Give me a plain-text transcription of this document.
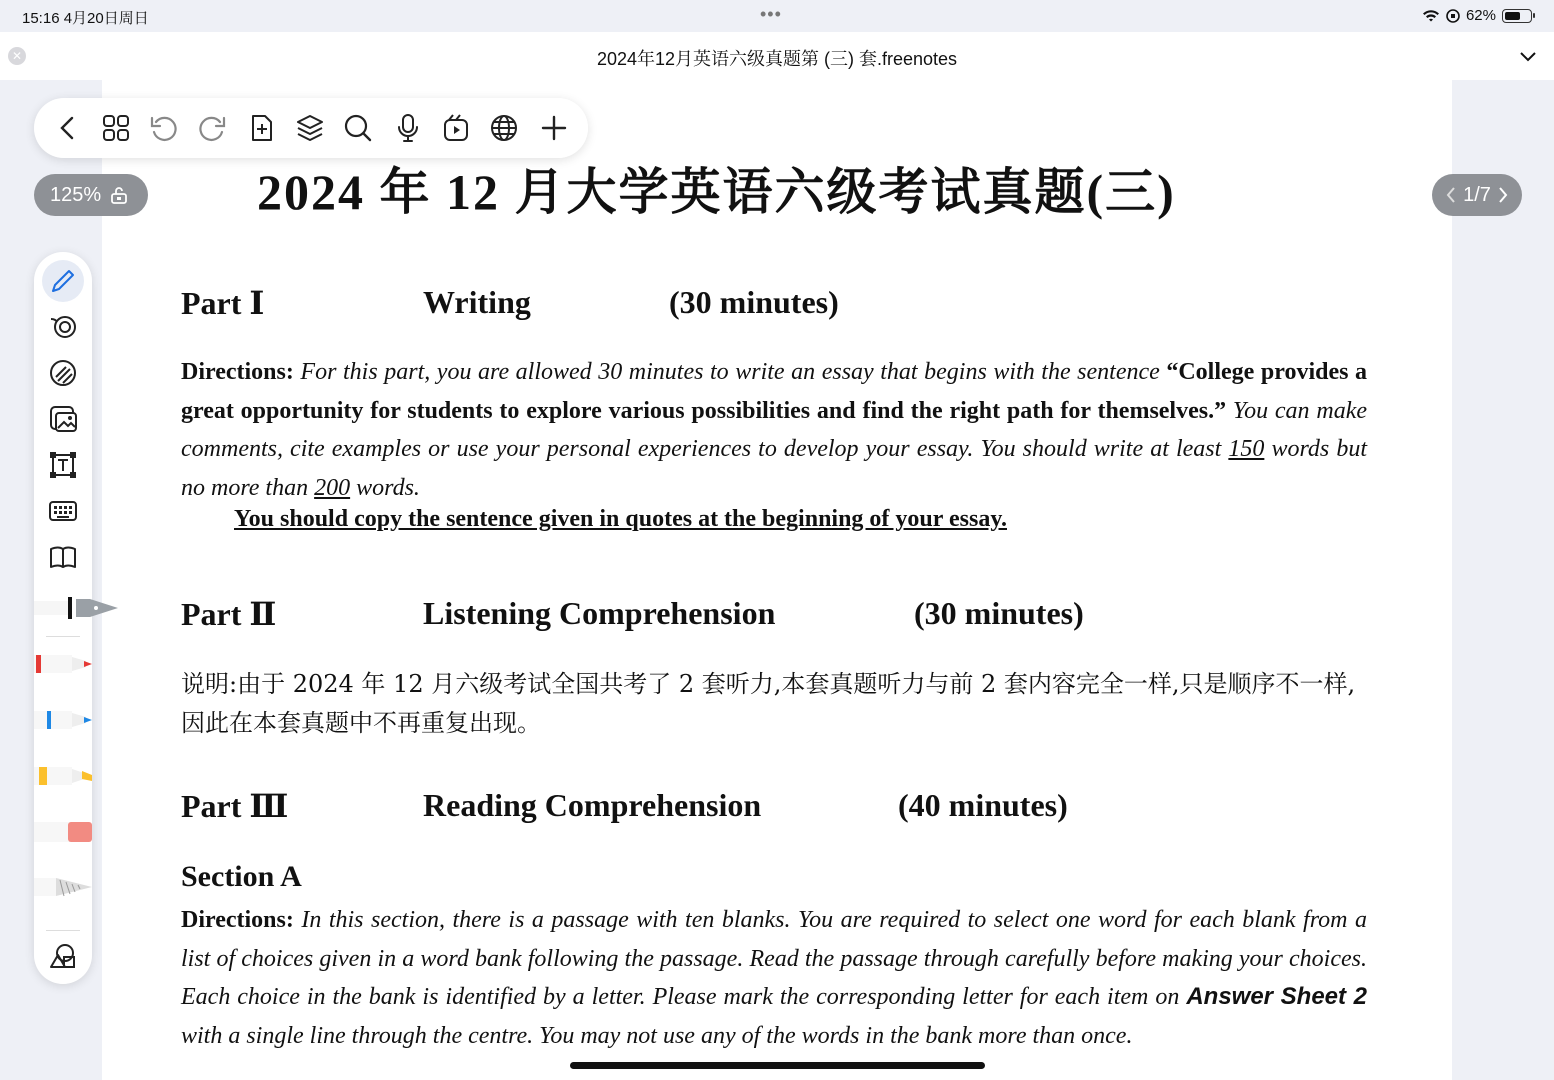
15:16 4月20日周日	•••	62%
✕	2024年12月英语六级真题第 (三) 套.freenotes
2024 年 12 月大学英语六级考试真题(三)
Part Ⅰ	Writing	(30 minutes)
Directions: For this part, you are allowed 30 minutes to write an essay that begins with the sentence “College provides a great opportunity for students to explore various possibilities and find the right path for themselves.” You can make comments, cite examples or use your personal experiences to develop your essay. You should write at least 150 words but no more than 200 words.
You should copy the sentence given in quotes at the beginning of your essay.
Part Ⅱ	Listening Comprehension	(30 minutes)
说明:由于 2024 年 12 月六级考试全国共考了 2 套听力,本套真题听力与前 2 套内容完全一样,只是顺序不一样,因此在本套真题中不再重复出现。
Part Ⅲ	Reading Comprehension	(40 minutes)
Section A
Directions: In this section, there is a passage with ten blanks. You are required to select one word for each blank from a list of choices given in a word bank following the passage. Read the passage through carefully before making your choices. Each choice in the bank is identified by a letter. Please mark the corresponding letter for each item on Answer Sheet 2 with a single line through the centre. You may not use any of the words in the bank more than once.
125%	1/7
